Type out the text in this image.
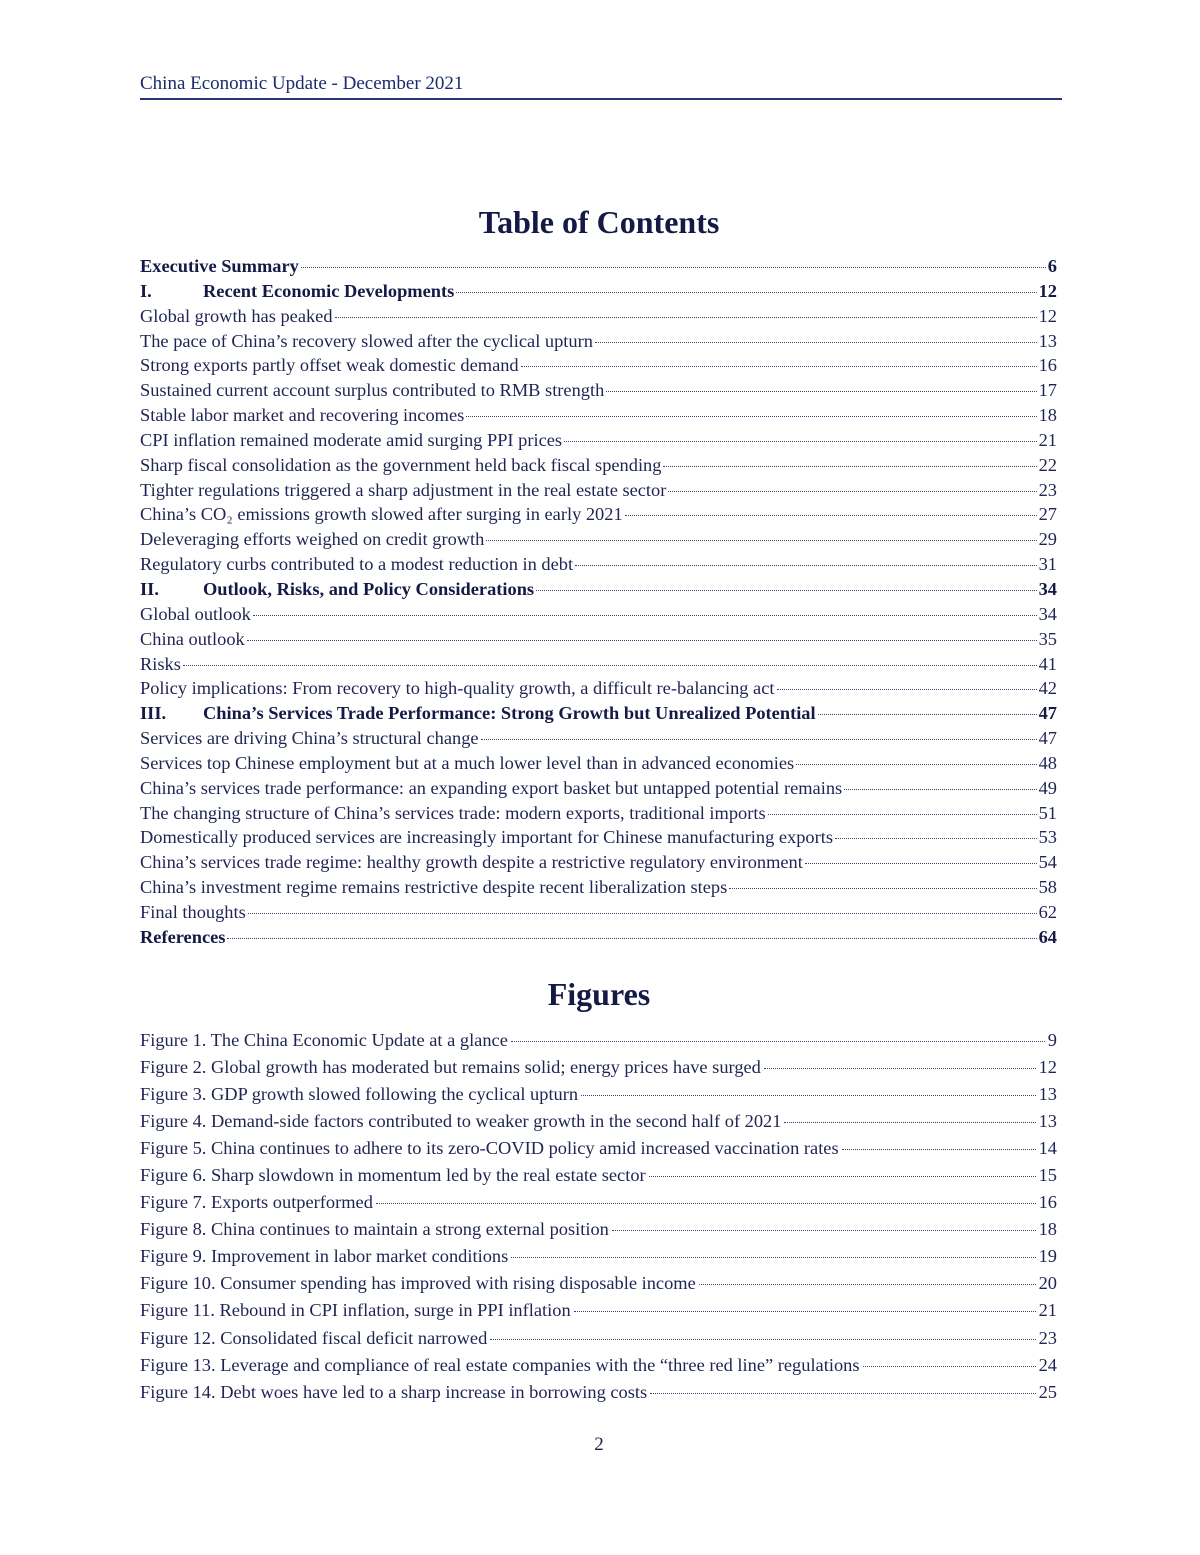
China Economic Update - December 2021
Table of Contents
Executive Summary	6
I.	Recent Economic Developments	12
Global growth has peaked	12
The pace of China’s recovery slowed after the cyclical upturn	13
Strong exports partly offset weak domestic demand	16
Sustained current account surplus contributed to RMB strength	17
Stable labor market and recovering incomes	18
CPI inflation remained moderate amid surging PPI prices	21
Sharp fiscal consolidation as the government held back fiscal spending	22
Tighter regulations triggered a sharp adjustment in the real estate sector	23
China’s CO₂ emissions growth slowed after surging in early 2021	27
Deleveraging efforts weighed on credit growth	29
Regulatory curbs contributed to a modest reduction in debt	31
II.	Outlook, Risks, and Policy Considerations	34
Global outlook	34
China outlook	35
Risks	41
Policy implications: From recovery to high-quality growth, a difficult re-balancing act	42
III.	China’s Services Trade Performance: Strong Growth but Unrealized Potential	47
Services are driving China’s structural change	47
Services top Chinese employment but at a much lower level than in advanced economies	48
China’s services trade performance: an expanding export basket but untapped potential remains	49
The changing structure of China’s services trade: modern exports, traditional imports	51
Domestically produced services are increasingly important for Chinese manufacturing exports	53
China’s services trade regime: healthy growth despite a restrictive regulatory environment	54
China’s investment regime remains restrictive despite recent liberalization steps	58
Final thoughts	62
References	64
Figures
Figure 1. The China Economic Update at a glance	9
Figure 2. Global growth has moderated but remains solid; energy prices have surged	12
Figure 3. GDP growth slowed following the cyclical upturn	13
Figure 4. Demand-side factors contributed to weaker growth in the second half of 2021	13
Figure 5. China continues to adhere to its zero-COVID policy amid increased vaccination rates	14
Figure 6. Sharp slowdown in momentum led by the real estate sector	15
Figure 7. Exports outperformed	16
Figure 8. China continues to maintain a strong external position	18
Figure 9. Improvement in labor market conditions	19
Figure 10. Consumer spending has improved with rising disposable income	20
Figure 11. Rebound in CPI inflation, surge in PPI inflation	21
Figure 12. Consolidated fiscal deficit narrowed	23
Figure 13. Leverage and compliance of real estate companies with the “three red line” regulations	24
Figure 14. Debt woes have led to a sharp increase in borrowing costs	25
2
